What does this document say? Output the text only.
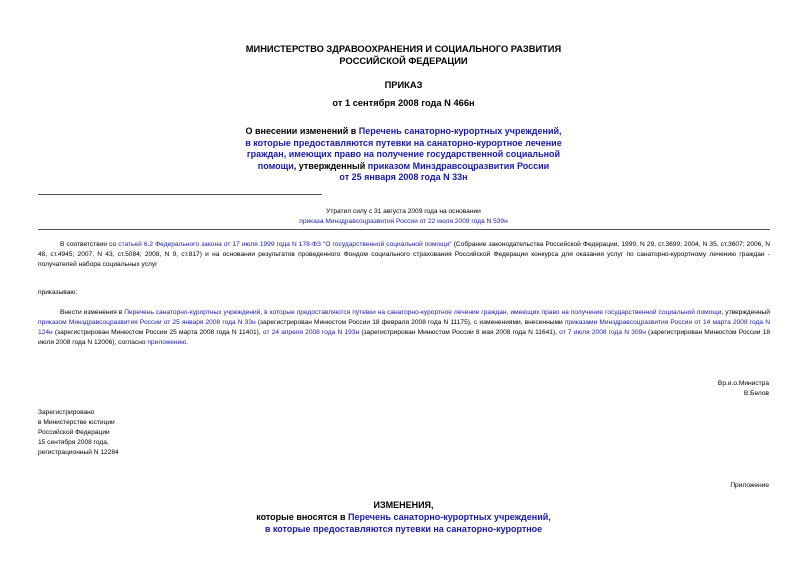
МИНИСТЕРСТВО ЗДРАВООХРАНЕНИЯ И СОЦИАЛЬНОГО РАЗВИТИЯ
РОССИЙСКОЙ ФЕДЕРАЦИИ
ПРИКАЗ
от 1 сентября 2008 года N 466н
О внесении изменений в Перечень санаторно-курортных учреждений,
в которые предоставляются путевки на санаторно-курортное лечение
граждан, имеющих право на получение государственной социальной
помощи, утвержденный приказом Минздравсоцразвития России
от 25 января 2008 года N 33н
Утратил силу с 31 августа 2009 года на основании
приказа Минздравсоцразвития России от 22 июля 2009 года N 539н
В соответствии со статьей 6.2 Федерального закона от 17 июля 1999 года N 178-ФЗ "О государственной социальной помощи" (Собрание законодательства Российской Федерации, 1999, N 29, ст.3699; 2004, N 35, ст.3607; 2006, N 48, ст.4945; 2007, N 43, ст.5084; 2008, N 9, ст.817) и на основании результатов проведенного Фондом социального страхования Российской Федерации конкурса для оказания услуг по санаторно-курортному лечению граждан - получателей набора социальных услуг
приказываю:
Внести изменения в Перечень санаторно-курортных учреждений, в которые предоставляются путевки на санаторно-курортное лечение граждан, имеющих право на получение государственной социальной помощи, утвержденный приказом Минздравсоцразвития России от 25 января 2008 года N 33н (зарегистрирован Минюстом России 18 февраля 2008 года N 11175), с изменениями, внесенными приказами Минздравсоцразвития России от 14 марта 2008 года N 124н (зарегистрирован Минюстом России 25 марта 2008 года N 11401), от 24 апреля 2008 года N 193н (зарегистрирован Минюстом России 8 мая 2008 года N 11641), от 7 июля 2008 года N 309н (зарегистрирован Минюстом России 18 июля 2008 года N 12006), согласно приложению.
Вр.и.о.Министра
В.Белов
Зарегистрировано
в Министерстве юстиции
Российской Федерации
15 сентября 2008 года,
регистрационный N 12284
Приложение
ИЗМЕНЕНИЯ,
которые вносятся в Перечень санаторно-курортных учреждений,
в которые предоставляются путевки на санаторно-курортное
